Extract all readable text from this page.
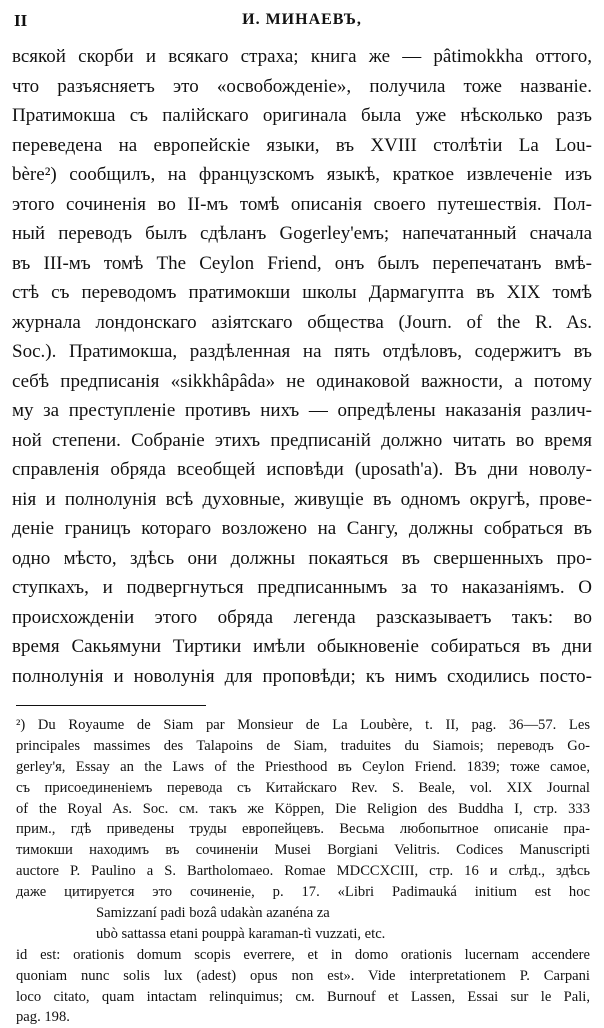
II	И. МИНАЕВЪ,
всякой скорби и всякаго страха; книга же — pâtimokkha оттого,
что разъясняетъ это «освобожденіе», получила тоже названіе.
Пратимокша съ палійскаго оригинала была уже нѣсколько разъ
переведена на европейскіе языки, въ XVIII столѣтіи La Lou-
bère²) сообщилъ, на французскомъ языкѣ, краткое извлеченіе изъ
этого сочиненія во II-мъ томѣ описанія своего путешествія. Пол-
ный переводъ былъ сдѣланъ Gogerley'емъ; напечатанный сначала
въ III-мъ томѣ The Ceylon Friend, онъ былъ перепечатанъ вмѣ-
стѣ съ переводомъ пратимокши школы Дармагупта въ XIX томѣ
журнала лондонскаго азіятскаго общества (Journ. of the R. As.
Soc.). Пратимокша, раздѣленная на пять отдѣловъ, содержитъ въ
себѣ предписанія «sikkhâpâda» не одинаковой важности, а потому
му за преступленіе противъ нихъ — опредѣлены наказанія различ-
ной степени. Собраніе этихъ предписаній должно читать во время
справленія обряда всеобщей исповѣди (uposath'a). Въ дни новолу-
нія и полнолунія всѣ духовные, живущіе въ одномъ округѣ, прове-
деніе границъ котораго возложено на Сангу, должны собраться въ
одно мѣсто, здѣсь они должны покаяться въ свершенныхъ про-
ступкахъ, и подвергнуться предписаннымъ за то наказаніямъ. О
происхожденіи этого обряда легенда разсказываетъ такъ: во
время Сакьямуни Тиртики имѣли обыкновеніе собираться въ дни
полнолунія и новолунія для проповѣди; къ нимъ сходились посто-
²) Du Royaume de Siam par Monsieur de La Loubère, t. II, pag. 36—57. Les
principales massimes des Talapoins de Siam, traduites du Siamois; переводъ Go-
gerley'я, Essay an the Laws of the Priesthood въ Ceylon Friend. 1839; тоже самое,
съ присоединеніемъ перевода съ Китайскаго Rev. S. Beale, vol. XIX Journal
of the Royal As. Soc. см. такъ же Köppen, Die Religion des Buddha I, стр. 333
прим., гдѣ приведены труды европейцевъ. Весьма любопытное описаніе пра-
тимокши находимъ въ сочиненіи Musei Borgiani Velitris. Codices Manuscripti
auctore P. Paulino a S. Bartholomaeo. Romae MDCCXCIII, стр. 16 и слѣд., здѣсь
даже цитируется это сочиненіе, p. 17. «Libri Padimauká initium est hoc
Samizzaní padi bozâ udakàn azanéna za
ubò sattassa etani pouppà karaman-tì vuzzati, etc.
id est: orationis domum scopis everrere, et in domo orationis lucernam accendere
quoniam nunc solis lux (adest) opus non est». Vide interpretationem P. Carpani
loco citato, quam intactam relinquimus; см. Burnouf et Lassen, Essai sur le Pali,
pag. 198.
